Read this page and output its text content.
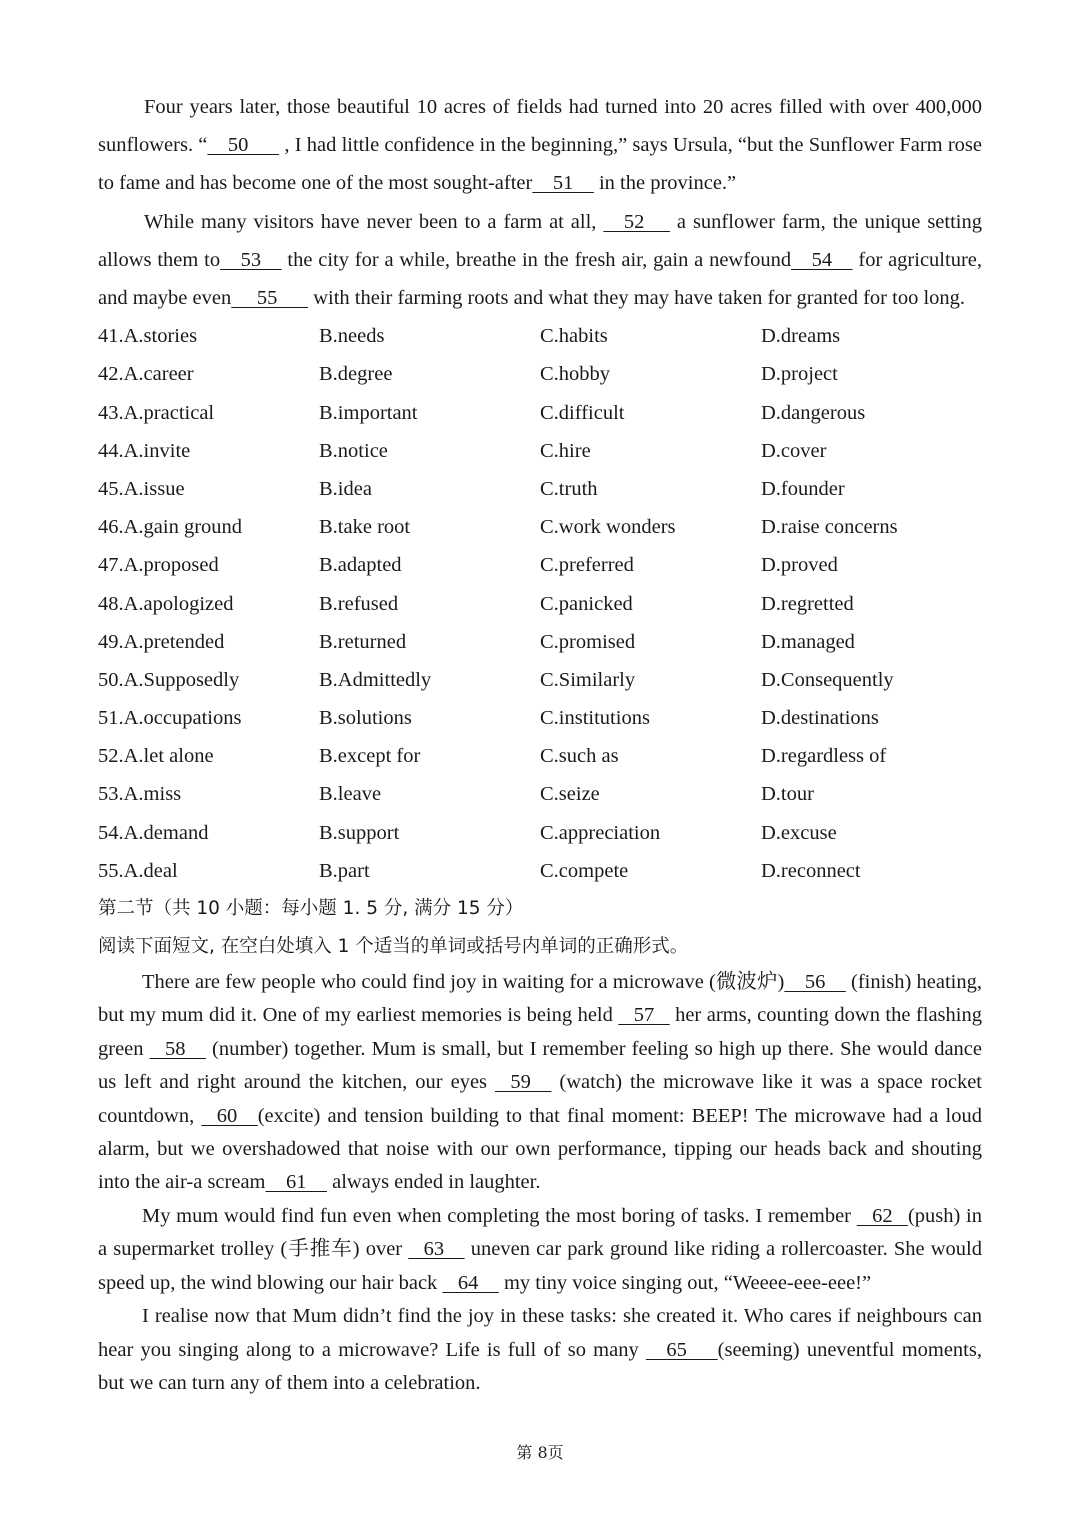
Four years later, those beautiful 10 acres of fields had turned into 20 acres filled with over 400,000 sunflowers. “    50       , I had little confidence in the beginning,” says Ursula, “but the Sunflower Farm rose to fame and has become one of the most sought-after    51     in the province.”

While many visitors have never been to a farm at all,     52      a sunflower farm, the unique setting allows them to    53     the city for a while, breathe in the fresh air, gain a newfound    54     for agriculture, and maybe even     55       with their farming roots and what they may have taken for granted for too long.

41.A.stories	B.needs	C.habits	D.dreams
42.A.career	B.degree	C.hobby	D.project
43.A.practical	B.important	C.difficult	D.dangerous
44.A.invite	B.notice	C.hire	D.cover
45.A.issue	B.idea	C.truth	D.founder
46.A.gain ground	B.take root	C.work wonders	D.raise concerns
47.A.proposed	B.adapted	C.preferred	D.proved
48.A.apologized	B.refused	C.panicked	D.regretted
49.A.pretended	B.returned	C.promised	D.managed
50.A.Supposedly	B.Admittedly	C.Similarly	D.Consequently
51.A.occupations	B.solutions	C.institutions	D.destinations
52.A.let alone	B.except for	C.such as	D.regardless of
53.A.miss	B.leave	C.seize	D.tour
54.A.demand	B.support	C.appreciation	D.excuse
55.A.deal	B.part	C.compete	D.reconnect

第二节（共 10 小题：每小题 1. 5 分, 满分 15 分）

阅读下面短文, 在空白处填入 1 个适当的单词或括号内单词的正确形式。

There are few people who could find joy in waiting for a microwave (微波炉)    56     (finish) heating, but my mum did it. One of my earliest memories is being held    57    her arms, counting down the flashing green    58     (number) together. Mum is small, but I remember feeling so high up there. She would dance us left and right around the kitchen, our eyes    59     (watch) the microwave like it was a space rocket countdown,    60    (excite) and tension building to that final moment: BEEP! The microwave had a loud alarm, but we overshadowed that noise with our own performance, tipping our heads back and shouting into the air-a scream    61     always ended in laughter.

My mum would find fun even when completing the most boring of tasks. I remember    62   (push) in a supermarket trolley (手推车) over    63     uneven car park ground like riding a rollercoaster. She would speed up, the wind blowing our hair back    64     my tiny voice singing out, “Weeee-eee-eee!”

I realise now that Mum didn’t find the joy in these tasks: she created it. Who cares if neighbours can hear you singing along to a microwave? Life is full of so many     65      (seeming) uneventful moments, but we can turn any of them into a celebration.

第 8页
